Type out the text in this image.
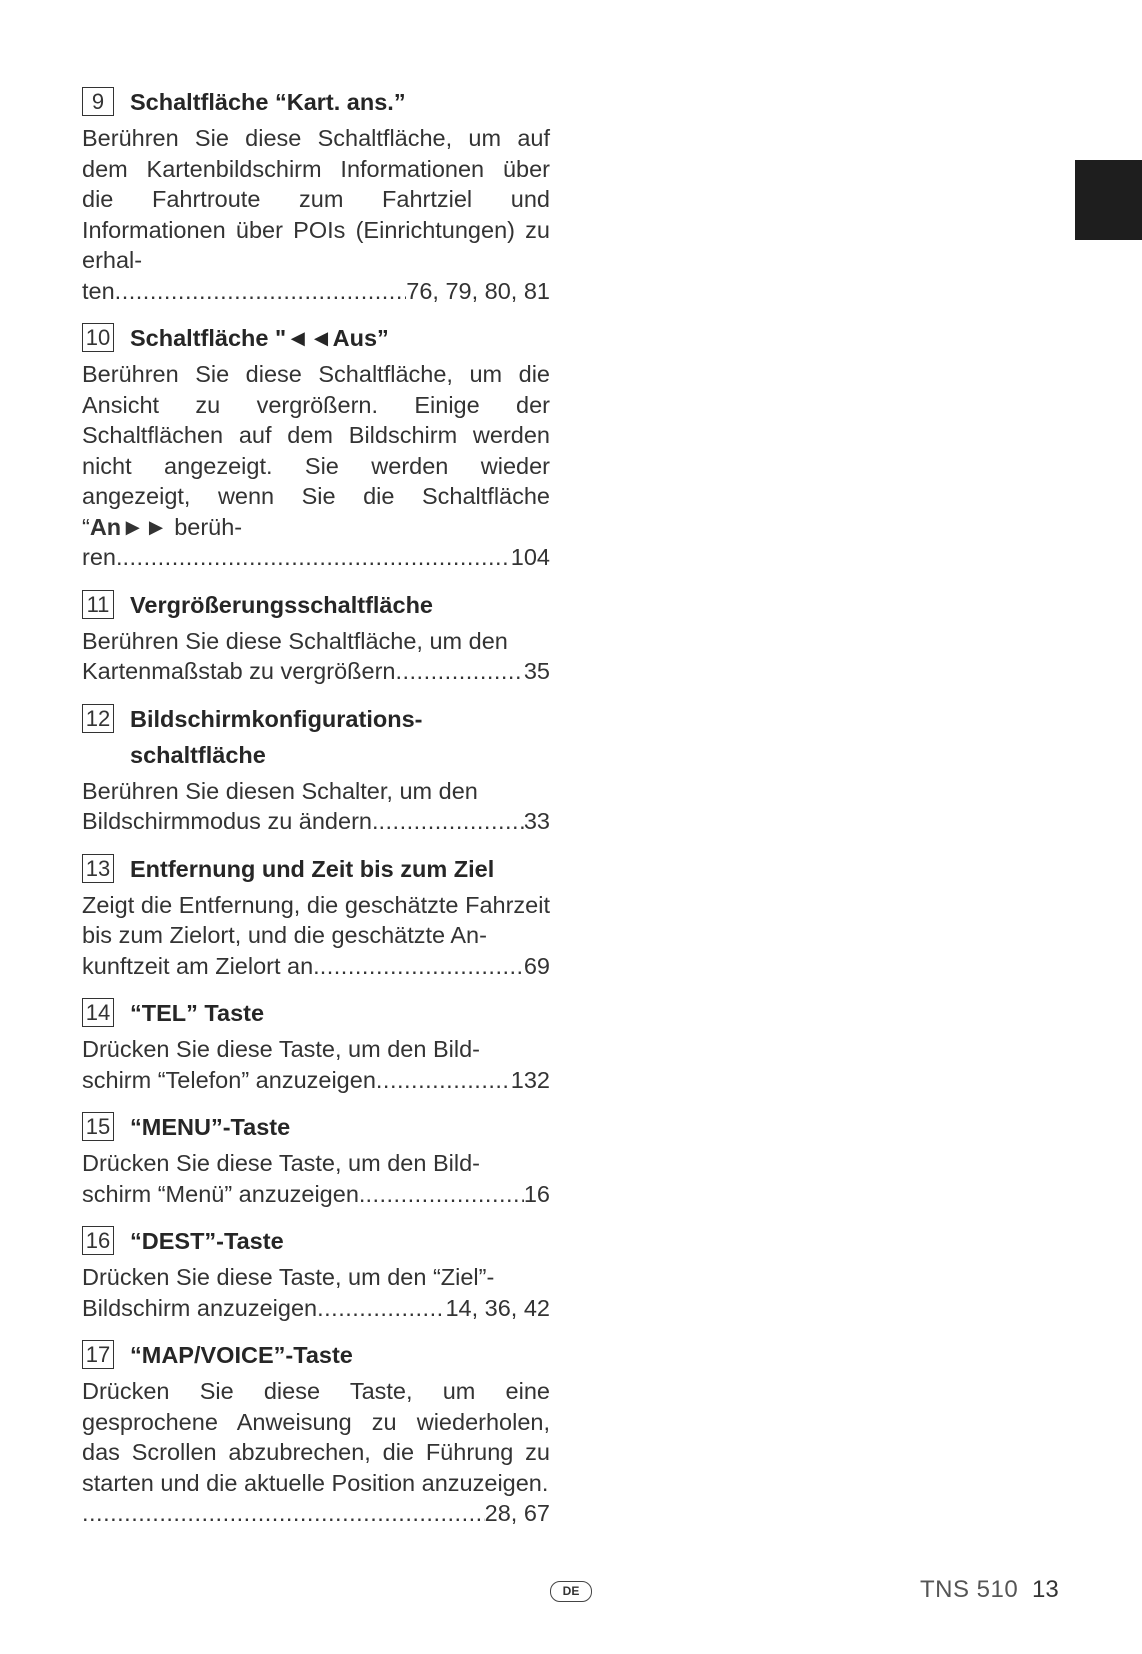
9	Schaltfläche “Kart. ans.”
Berühren Sie diese Schaltfläche, um auf dem Kartenbildschirm Informationen über die Fahrtroute zum Fahrtziel und Informationen über POIs (Einrichtungen) zu erhal-
ten .....	76, 79, 80, 81
10 Schaltfläche "◄◄Aus”
Berühren Sie diese Schaltfläche, um die Ansicht zu vergrößern. Einige der Schaltflächen auf dem Bildschirm werden nicht angezeigt. Sie werden wieder angezeigt, wenn Sie die Schaltfläche “An►► berüh-
ren. .....	104
11 Vergrößerungsschaltfläche
Berühren Sie diese Schaltfläche, um den
Kartenmaßstab zu vergrößern .....	35
12 Bildschirmkonfigurations-
schaltfläche
Berühren Sie diesen Schalter, um den
Bildschirmmodus zu ändern. .....	33
13 Entfernung und Zeit bis zum Ziel
Zeigt die Entfernung, die geschätzte Fahrzeit bis zum Zielort, und die geschätzte An-
kunftzeit am Zielort an. .....	69
14 “TEL” Taste
Drücken Sie diese Taste, um den Bild-
schirm “Telefon” anzuzeigen .....	132
15 “MENU”-Taste
Drücken Sie diese Taste, um den Bild-
schirm “Menü” anzuzeigen. .....	16
16 “DEST”-Taste
Drücken Sie diese Taste, um den “Ziel”-
Bildschirm anzuzeigen .....	14, 36, 42
17 “MAP/VOICE”-Taste
Drücken Sie diese Taste, um eine gesprochene Anweisung zu wiederholen, das Scrollen abzubrechen, die Führung zu starten und die aktuelle Position anzuzeigen.
.....
28, 67
DE	TNS 510 13
